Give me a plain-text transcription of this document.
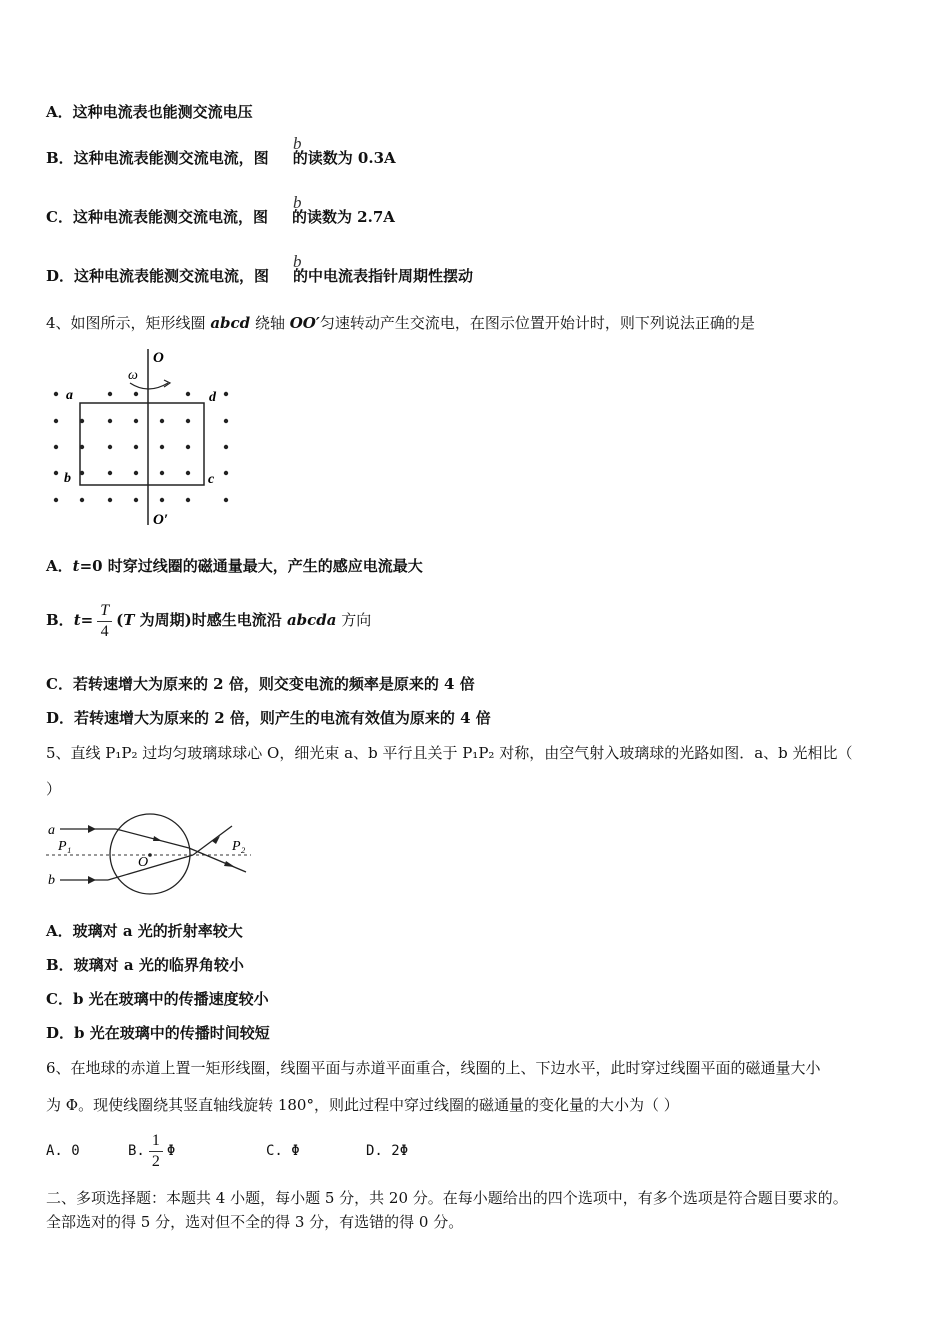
A．这种电流表也能测交流电压
B．这种电流表能测交流电流，图 的读数为 0.3A
b
C．这种电流表能测交流电流，图 的读数为 2.7A
b
D．这种电流表能测交流电流，图 的中电流表指针周期性摆动
b
4、如图所示，矩形线圈 abcd 绕轴 OO′匀速转动产生交流电，在图示位置开始计时，则下列说法正确的是
O
O′
ω
a
b	c
d
A．t=0 时穿过线圈的磁通量最大，产生的感应电流最大
B．$t= \frac{T}{4} (T$ 为周期)时感生电流沿 abcda 方向
C．若转速增大为原来的 2 倍，则交变电流的频率是原来的 4 倍
D．若转速增大为原来的 2 倍，则产生的电流有效值为原来的 4 倍
5、直线 P₁P₂ 过均匀玻璃球球心 O，细光束 a、b 平行且关于 P₁P₂ 对称，由空气射入玻璃球的光路如图．a、b 光相比（
）
a
b
P₁	P₂
O
A．玻璃对 a 光的折射率较大
B．玻璃对 a 光的临界角较小
C．b 光在玻璃中的传播速度较小
D．b 光在玻璃中的传播时间较短
6、在地球的赤道上置一矩形线圈，线圈平面与赤道平面重合，线圈的上、下边水平，此时穿过线圈平面的磁通量大小
为 Φ。现使线圈绕其竖直轴线旋转 180°，则此过程中穿过线圈的磁通量的变化量的大小为（ ）
A. 0	B. $\frac{1}{2}$ Φ	C. Φ	D. 2Φ
二、多项选择题：本题共 4 小题，每小题 5 分，共 20 分。在每小题给出的四个选项中，有多个选项是符合题目要求的。
全部选对的得 5 分，选对但不全的得 3 分，有选错的得 0 分。
